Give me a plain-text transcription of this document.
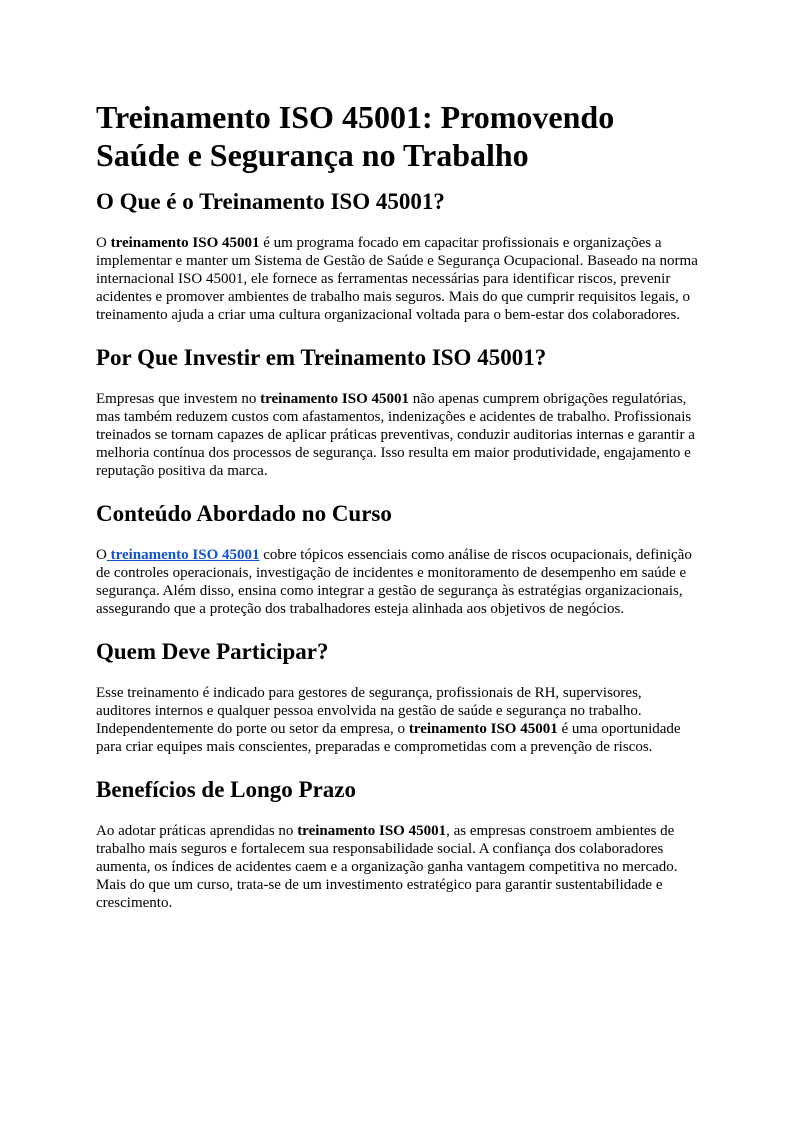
Treinamento ISO 45001: Promovendo Saúde e Segurança no Trabalho
O Que é o Treinamento ISO 45001?

O treinamento ISO 45001 é um programa focado em capacitar profissionais e organizações a implementar e manter um Sistema de Gestão de Saúde e Segurança Ocupacional. Baseado na norma internacional ISO 45001, ele fornece as ferramentas necessárias para identificar riscos, prevenir acidentes e promover ambientes de trabalho mais seguros. Mais do que cumprir requisitos legais, o treinamento ajuda a criar uma cultura organizacional voltada para o bem-estar dos colaboradores.

Por Que Investir em Treinamento ISO 45001?

Empresas que investem no treinamento ISO 45001 não apenas cumprem obrigações regulatórias, mas também reduzem custos com afastamentos, indenizações e acidentes de trabalho. Profissionais treinados se tornam capazes de aplicar práticas preventivas, conduzir auditorias internas e garantir a melhoria contínua dos processos de segurança. Isso resulta em maior produtividade, engajamento e reputação positiva da marca.

Conteúdo Abordado no Curso

O treinamento ISO 45001 cobre tópicos essenciais como análise de riscos ocupacionais, definição de controles operacionais, investigação de incidentes e monitoramento de desempenho em saúde e segurança. Além disso, ensina como integrar a gestão de segurança às estratégias organizacionais, assegurando que a proteção dos trabalhadores esteja alinhada aos objetivos de negócios.

Quem Deve Participar?

Esse treinamento é indicado para gestores de segurança, profissionais de RH, supervisores, auditores internos e qualquer pessoa envolvida na gestão de saúde e segurança no trabalho. Independentemente do porte ou setor da empresa, o treinamento ISO 45001 é uma oportunidade para criar equipes mais conscientes, preparadas e comprometidas com a prevenção de riscos.

Benefícios de Longo Prazo

Ao adotar práticas aprendidas no treinamento ISO 45001, as empresas constroem ambientes de trabalho mais seguros e fortalecem sua responsabilidade social. A confiança dos colaboradores aumenta, os índices de acidentes caem e a organização ganha vantagem competitiva no mercado. Mais do que um curso, trata-se de um investimento estratégico para garantir sustentabilidade e crescimento.
